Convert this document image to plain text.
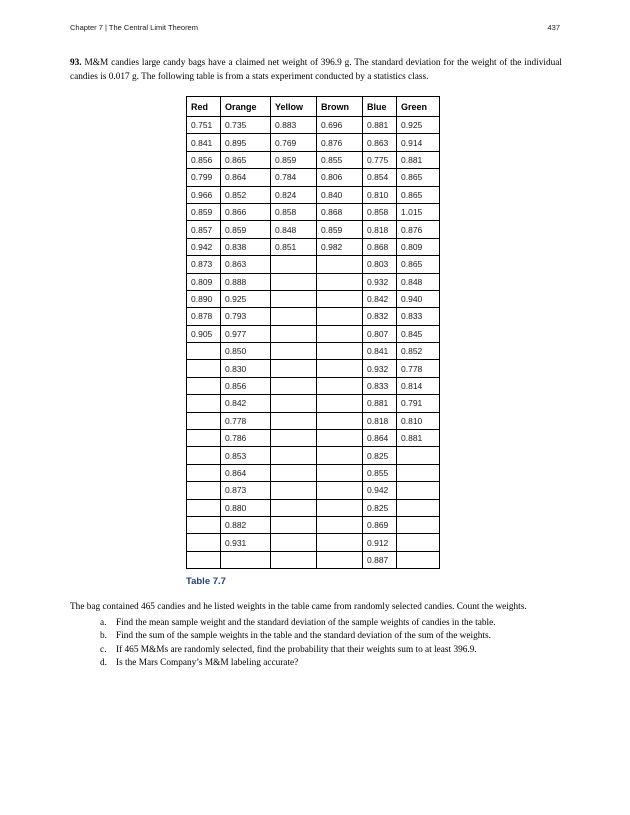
Chapter 7 | The Central Limit Theorem	437
93. M&M candies large candy bags have a claimed net weight of 396.9 g. The standard deviation for the weight of the individual candies is 0.017 g. The following table is from a stats experiment conducted by a statistics class.
Red	Orange	Yellow	Brown	Blue	Green
0.751	0.735	0.883	0.696	0.881	0.925
0.841	0.895	0.769	0.876	0.863	0.914
0.856	0.865	0.859	0.855	0.775	0.881
0.799	0.864	0.784	0.806	0.854	0.865
0.966	0.852	0.824	0.840	0.810	0.865
0.859	0.866	0.858	0.868	0.858	1.015
0.857	0.859	0.848	0.859	0.818	0.876
0.942	0.838	0.851	0.982	0.868	0.809
0.873	0.863			0.803	0.865
0.809	0.888			0.932	0.848
0.890	0.925			0.842	0.940
0.878	0.793			0.832	0.833
0.905	0.977			0.807	0.845
	0.850			0.841	0.852
	0.830			0.932	0.778
	0.856			0.833	0.814
	0.842			0.881	0.791
	0.778			0.818	0.810
	0.786			0.864	0.881
	0.853			0.825	
	0.864			0.855	
	0.873			0.942	
	0.880			0.825	
	0.882			0.869	
	0.931			0.912	
				0.887	
Table 7.7
The bag contained 465 candies and he listed weights in the table came from randomly selected candies. Count the weights.
a.	Find the mean sample weight and the standard deviation of the sample weights of candies in the table.
b. Find the sum of the sample weights in the table and the standard deviation of the sum of the weights.
c.	If 465 M&Ms are randomly selected, find the probability that their weights sum to at least 396.9.
d. Is the Mars Company’s M&M labeling accurate?
